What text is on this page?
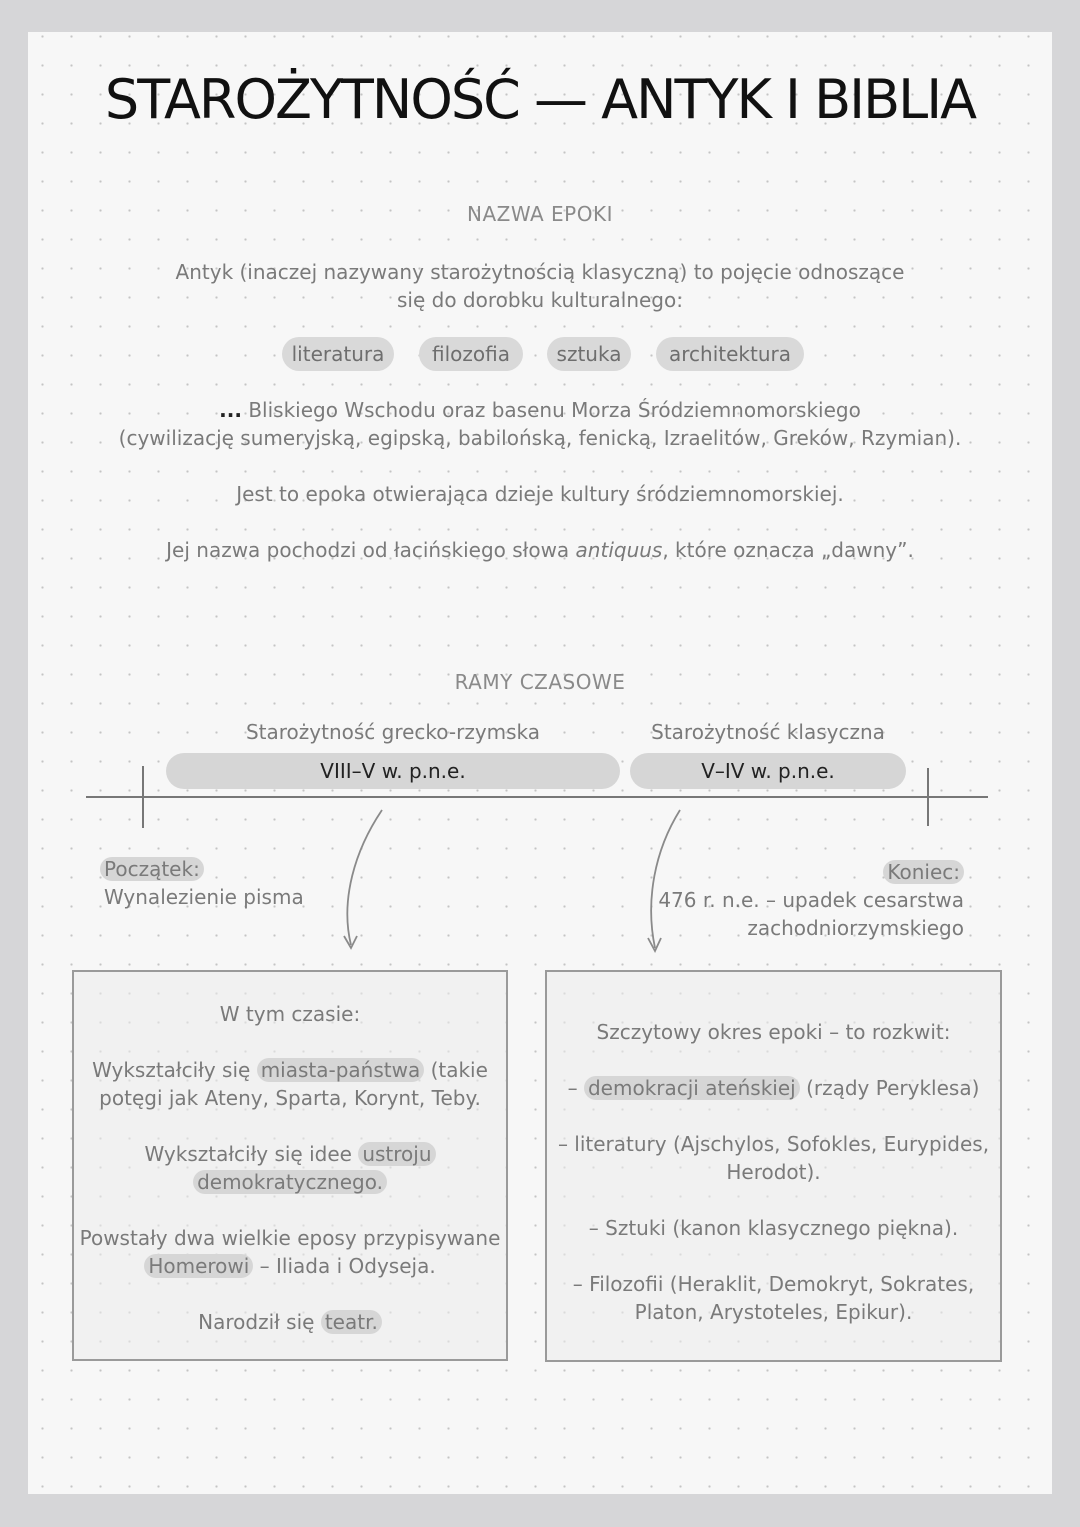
STAROŻYTNOŚĆ — ANTYK I BIBLIA
NAZWA EPOKI
Antyk (inaczej nazywany starożytnością klasyczną) to pojęcie odnoszące się do dorobku kulturalnego:
literatura	filozofia	sztuka	architektura
... Bliskiego Wschodu oraz basenu Morza Śródziemnomorskiego
(cywilizację sumeryjską, egipską, babilońską, fenicką, Izraelitów, Greków, Rzymian).
Jest to epoka otwierająca dzieje kultury śródziemnomorskiej.
Jej nazwa pochodzi od łacińskiego słowa antiquus, które oznacza „dawny”.
RAMY CZASOWE
Starożytność grecko-rzymska	Starożytność klasyczna
VIII–V w. p.n.e.	V–IV w. p.n.e.
Początek:
Wynalezienie pisma
Koniec:
476 r. n.e. – upadek cesarstwa
zachodniorzymskiego

W tym czasie:

Wykształciły się miasta-państwa (takie
potęgi jak Ateny, Sparta, Korynt, Teby.

Wykształciły się idee ustroju
demokratycznego.

Powstały dwa wielkie eposy przypisywane
Homerowi – Iliada i Odyseja.

Narodził się teatr.

Szczytowy okres epoki – to rozkwit:

– demokracji ateńskiej (rządy Peryklesa)

– literatury (Ajschylos, Sofokles, Eurypides,
Herodot).

– Sztuki (kanon klasycznego piękna).

– Filozofii (Heraklit, Demokryt, Sokrates,
Platon, Arystoteles, Epikur).
